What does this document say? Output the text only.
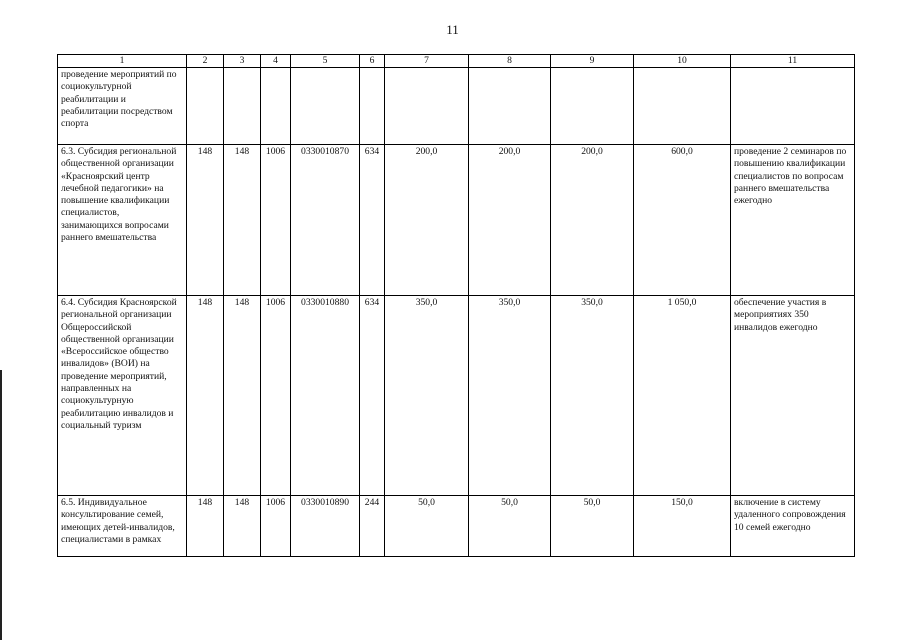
11
1	2	3	4	5	6	7	8	9	10	11
проведение мероприятий по социокультурной реабилитации и реабилитации посредством спорта										
6.3. Субсидия региональной общественной организации «Красноярский центр лечебной педагогики» на повышение квалификации специалистов, занимающихся вопросами раннего вмешательства	148	148	1006	0330010870	634	200,0	200,0	200,0	600,0	проведение 2 семинаров по повышению квалификации специалистов по вопросам раннего вмешательства ежегодно
6.4. Субсидия Красноярской региональной организации Общероссийской общественной организации «Всероссийское общество инвалидов» (ВОИ) на проведение мероприятий, направленных на социокультурную реабилитацию инвалидов и социальный туризм	148	148	1006	0330010880	634	350,0	350,0	350,0	1 050,0	обеспечение участия в мероприятиях 350 инвалидов ежегодно
6.5. Индивидуальное консультирование семей, имеющих детей-инвалидов, специалистами в рамках	148	148	1006	0330010890	244	50,0	50,0	50,0	150,0	включение в систему удаленного сопровождения 10 семей ежегодно
